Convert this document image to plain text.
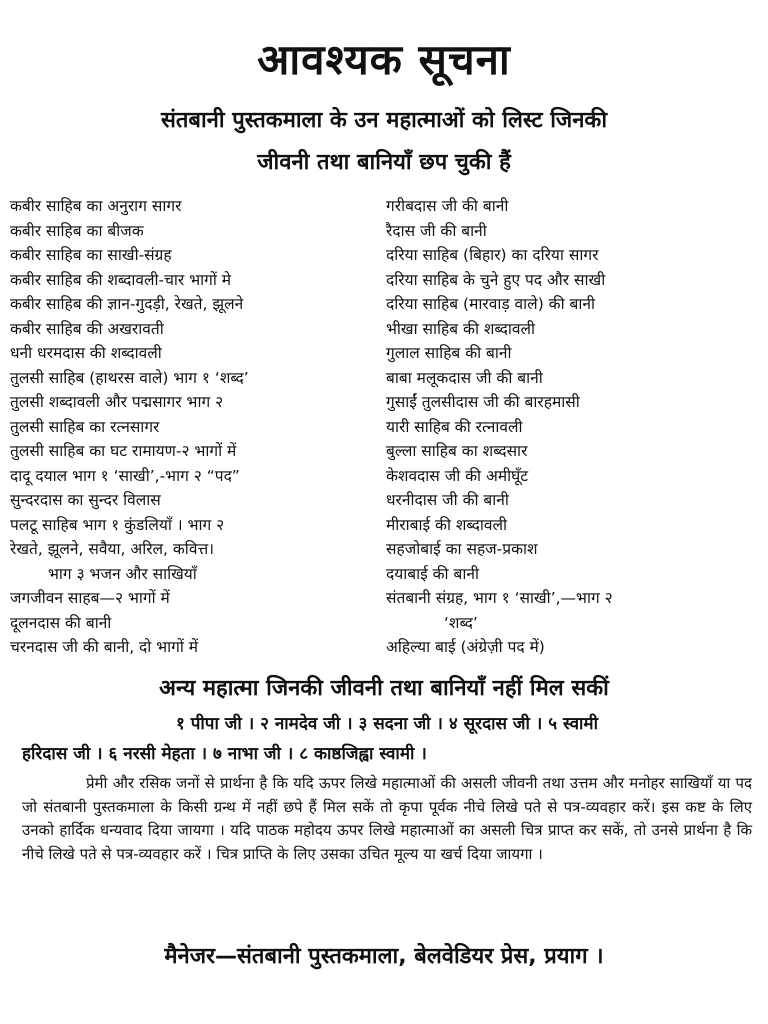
आवश्यक सूचना
संतबानी पुस्तकमाला के उन महात्माओं को लिस्ट जिनकी
जीवनी तथा बानियाँ छप चुकी हैं
कबीर साहिब का अनुराग सागर
कबीर साहिब का बीजक
कबीर साहिब का साखी-संग्रह
कबीर साहिब की शब्दावली-चार भागों मे
कबीर साहिब की ज्ञान-गुदड़ी, रेखते, झूलने
कबीर साहिब की अखरावती
धनी धरमदास की शब्दावली
तुलसी साहिब (हाथरस वाले) भाग १ ‘शब्द’
तुलसी शब्दावली और पद्मसागर भाग २
तुलसी साहिब का रत्नसागर
तुलसी साहिब का घट रामायण-२ भागों में
दादू दयाल भाग १ ‘साखी’,-भाग २ “पद”
सुन्दरदास का सुन्दर विलास
पलटू साहिब भाग १ कुंडलियाँ । भाग २
रेखते, झूलने, सवैया, अरिल, कवित्त।
भाग ३ भजन और साखियाँ
जगजीवन साहब—२ भागों में
दूलनदास की बानी
चरनदास जी की बानी, दो भागों में
गरीबदास जी की बानी
रैदास जी की बानी
दरिया साहिब (बिहार) का दरिया सागर
दरिया साहिब के चुने हुए पद और साखी
दरिया साहिब (मारवाड़ वाले) की बानी
भीखा साहिब की शब्दावली
गुलाल साहिब की बानी
बाबा मलूकदास जी की बानी
गुसाईं तुलसीदास जी की बारहमासी
यारी साहिब की रत्नावली
बुल्ला साहिब का शब्दसार
केशवदास जी की अमीघूँट
धरनीदास जी की बानी
मीराबाई की शब्दावली
सहजोबाई का सहज-प्रकाश
दयाबाई की बानी
संतबानी संग्रह, भाग १ ‘साखी’,—भाग २
‘शब्द’
अहिल्या बाई (अंग्रेज़ी पद में)
अन्य महात्मा जिनकी जीवनी तथा बानियाँ नहीं मिल सकीं
१ पीपा जी । २ नामदेव जी । ३ सदना जी । ४ सूरदास जी । ५ स्वामी
हरिदास जी । ६ नरसी मेहता । ७ नाभा जी । ८ काष्ठजिह्वा स्वामी ।

प्रेमी और रसिक जनों से प्रार्थना है कि यदि ऊपर लिखे महात्माओं की असली जीवनी तथा उत्तम और मनोहर साखियाँ या पद जो संतबानी पुस्तकमाला के किसी ग्रन्थ में नहीं छपे हैं मिल सकें तो कृपा पूर्वक नीचे लिखे पते से पत्र-व्यवहार करें। इस कष्ट के लिए उनको हार्दिक धन्यवाद दिया जायगा । यदि पाठक महोदय ऊपर लिखे महात्माओं का असली चित्र प्राप्त कर सकें, तो उनसे प्रार्थना है कि नीचे लिखे पते से पत्र-व्यवहार करें । चित्र प्राप्ति के लिए उसका उचित मूल्य या खर्च दिया जायगा ।

मैनेजर—संतबानी पुस्तकमाला, बेलवेडियर प्रेस, प्रयाग ।
